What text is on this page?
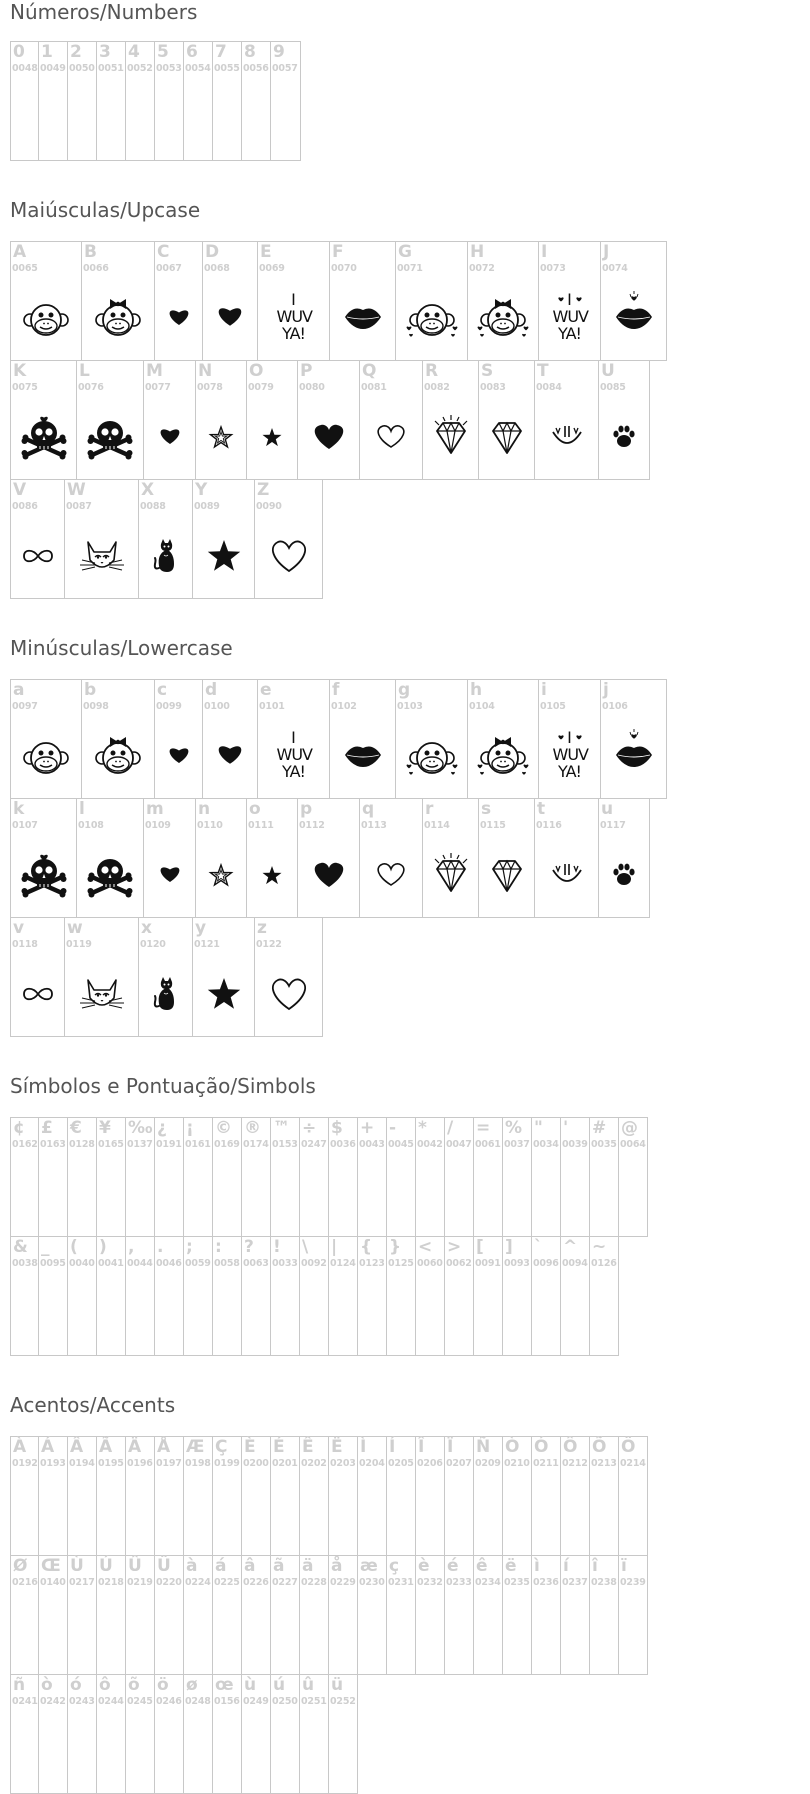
Números/Numbers
Maiúsculas/Upcase
Minúsculas/Lowercase
Símbolos e Pontuação/Simbols
Acentos/Accents
0
0048
1
0049
2
0050
3
0051
4
0052
5
0053
6
0054
7
0055
8
0056
9
0057
A
0065
B
0066
C
0067
D
0068
E
0069
I
WUV
YA!
F
0070
G
0071
H
0072
I
0073
I
WUV
YA!
J
0074
K
0075
L
0076
M
0077
N
0078
O
0079
P
0080
Q
0081
R
0082
S
0083
T
0084
U
0085
V
0086
W
0087
X
0088
Y
0089
Z
0090
a
0097
b
0098
c
0099
d
0100
e
0101
I
WUV
YA!
f
0102
g
0103
h
0104
i
0105
I
WUV
YA!
j
0106
k
0107
l
0108
m
0109
n
0110
o
0111
p
0112
q
0113
r
0114
s
0115
t
0116
u
0117
v
0118
w
0119
x
0120
y
0121
z
0122
¢
0162
£
0163
€
0128
¥
0165
‰
0137
¿
0191
¡
0161
©
0169
®
0174
™
0153
÷
0247
$
0036
+
0043
-
0045
*
0042
/
0047
=
0061
%
0037
"
0034
'
0039
#
0035
@
0064
&
0038
_
0095
(
0040
)
0041
,
0044
.
0046
;
0059
:
0058
?
0063
!
0033
\
0092
|
0124
{
0123
}
0125
<
0060
>
0062
[
0091
]
0093
`
0096
^
0094
~
0126
À
0192
Á
0193
Â
0194
Ã
0195
Ä
0196
Å
0197
Æ
0198
Ç
0199
È
0200
É
0201
Ê
0202
Ë
0203
Ì
0204
Í
0205
Î
0206
Ï
0207
Ñ
0209
Ò
0210
Ó
0211
Ô
0212
Õ
0213
Ö
0214
Ø
0216
Œ
0140
Ù
0217
Ú
0218
Û
0219
Ü
0220
à
0224
á
0225
â
0226
ã
0227
ä
0228
å
0229
æ
0230
ç
0231
è
0232
é
0233
ê
0234
ë
0235
ì
0236
í
0237
î
0238
ï
0239
ñ
0241
ò
0242
ó
0243
ô
0244
õ
0245
ö
0246
ø
0248
œ
0156
ù
0249
ú
0250
û
0251
ü
0252
